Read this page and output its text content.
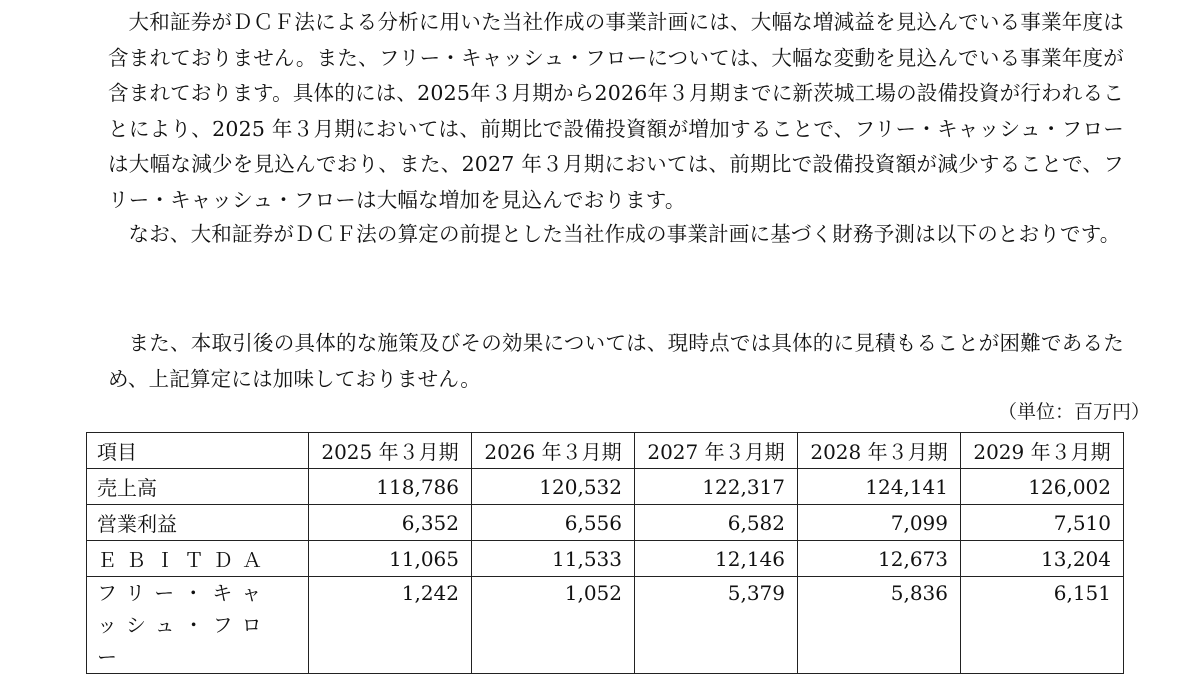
大和証券がＤＣＦ法による分析に用いた当社作成の事業計画には、大幅な増減益を見込んでいる事業年度は含まれておりません。また、フリー・キャッシュ・フローについては、大幅な変動を見込んでいる事業年度が含まれております。具体的には、2025年３月期から2026年３月期までに新茨城工場の設備投資が行われることにより、2025 年３月期においては、前期比で設備投資額が増加することで、フリー・キャッシュ・フローは大幅な減少を見込んでおり、また、2027 年３月期においては、前期比で設備投資額が減少することで、フリー・キャッシュ・フローは大幅な増加を見込んでおります。

なお、大和証券がＤＣＦ法の算定の前提とした当社作成の事業計画に基づく財務予測は以下のとおりです。

また、本取引後の具体的な施策及びその効果については、現時点では具体的に見積もることが困難であるため、上記算定には加味しておりません。

（単位：百万円）
項目	2025 年３月期	2026 年３月期	2027 年３月期	2028 年３月期	2029 年３月期
売上高	118,786	120,532	122,317	124,141	126,002
営業利益	6,352	6,556	6,582	7,099	7,510
ＥＢＩＴＤＡ	11,065	11,533	12,146	12,673	13,204
フリー・キャッシュ・フロー	1,242	1,052	5,379	5,836	6,151
